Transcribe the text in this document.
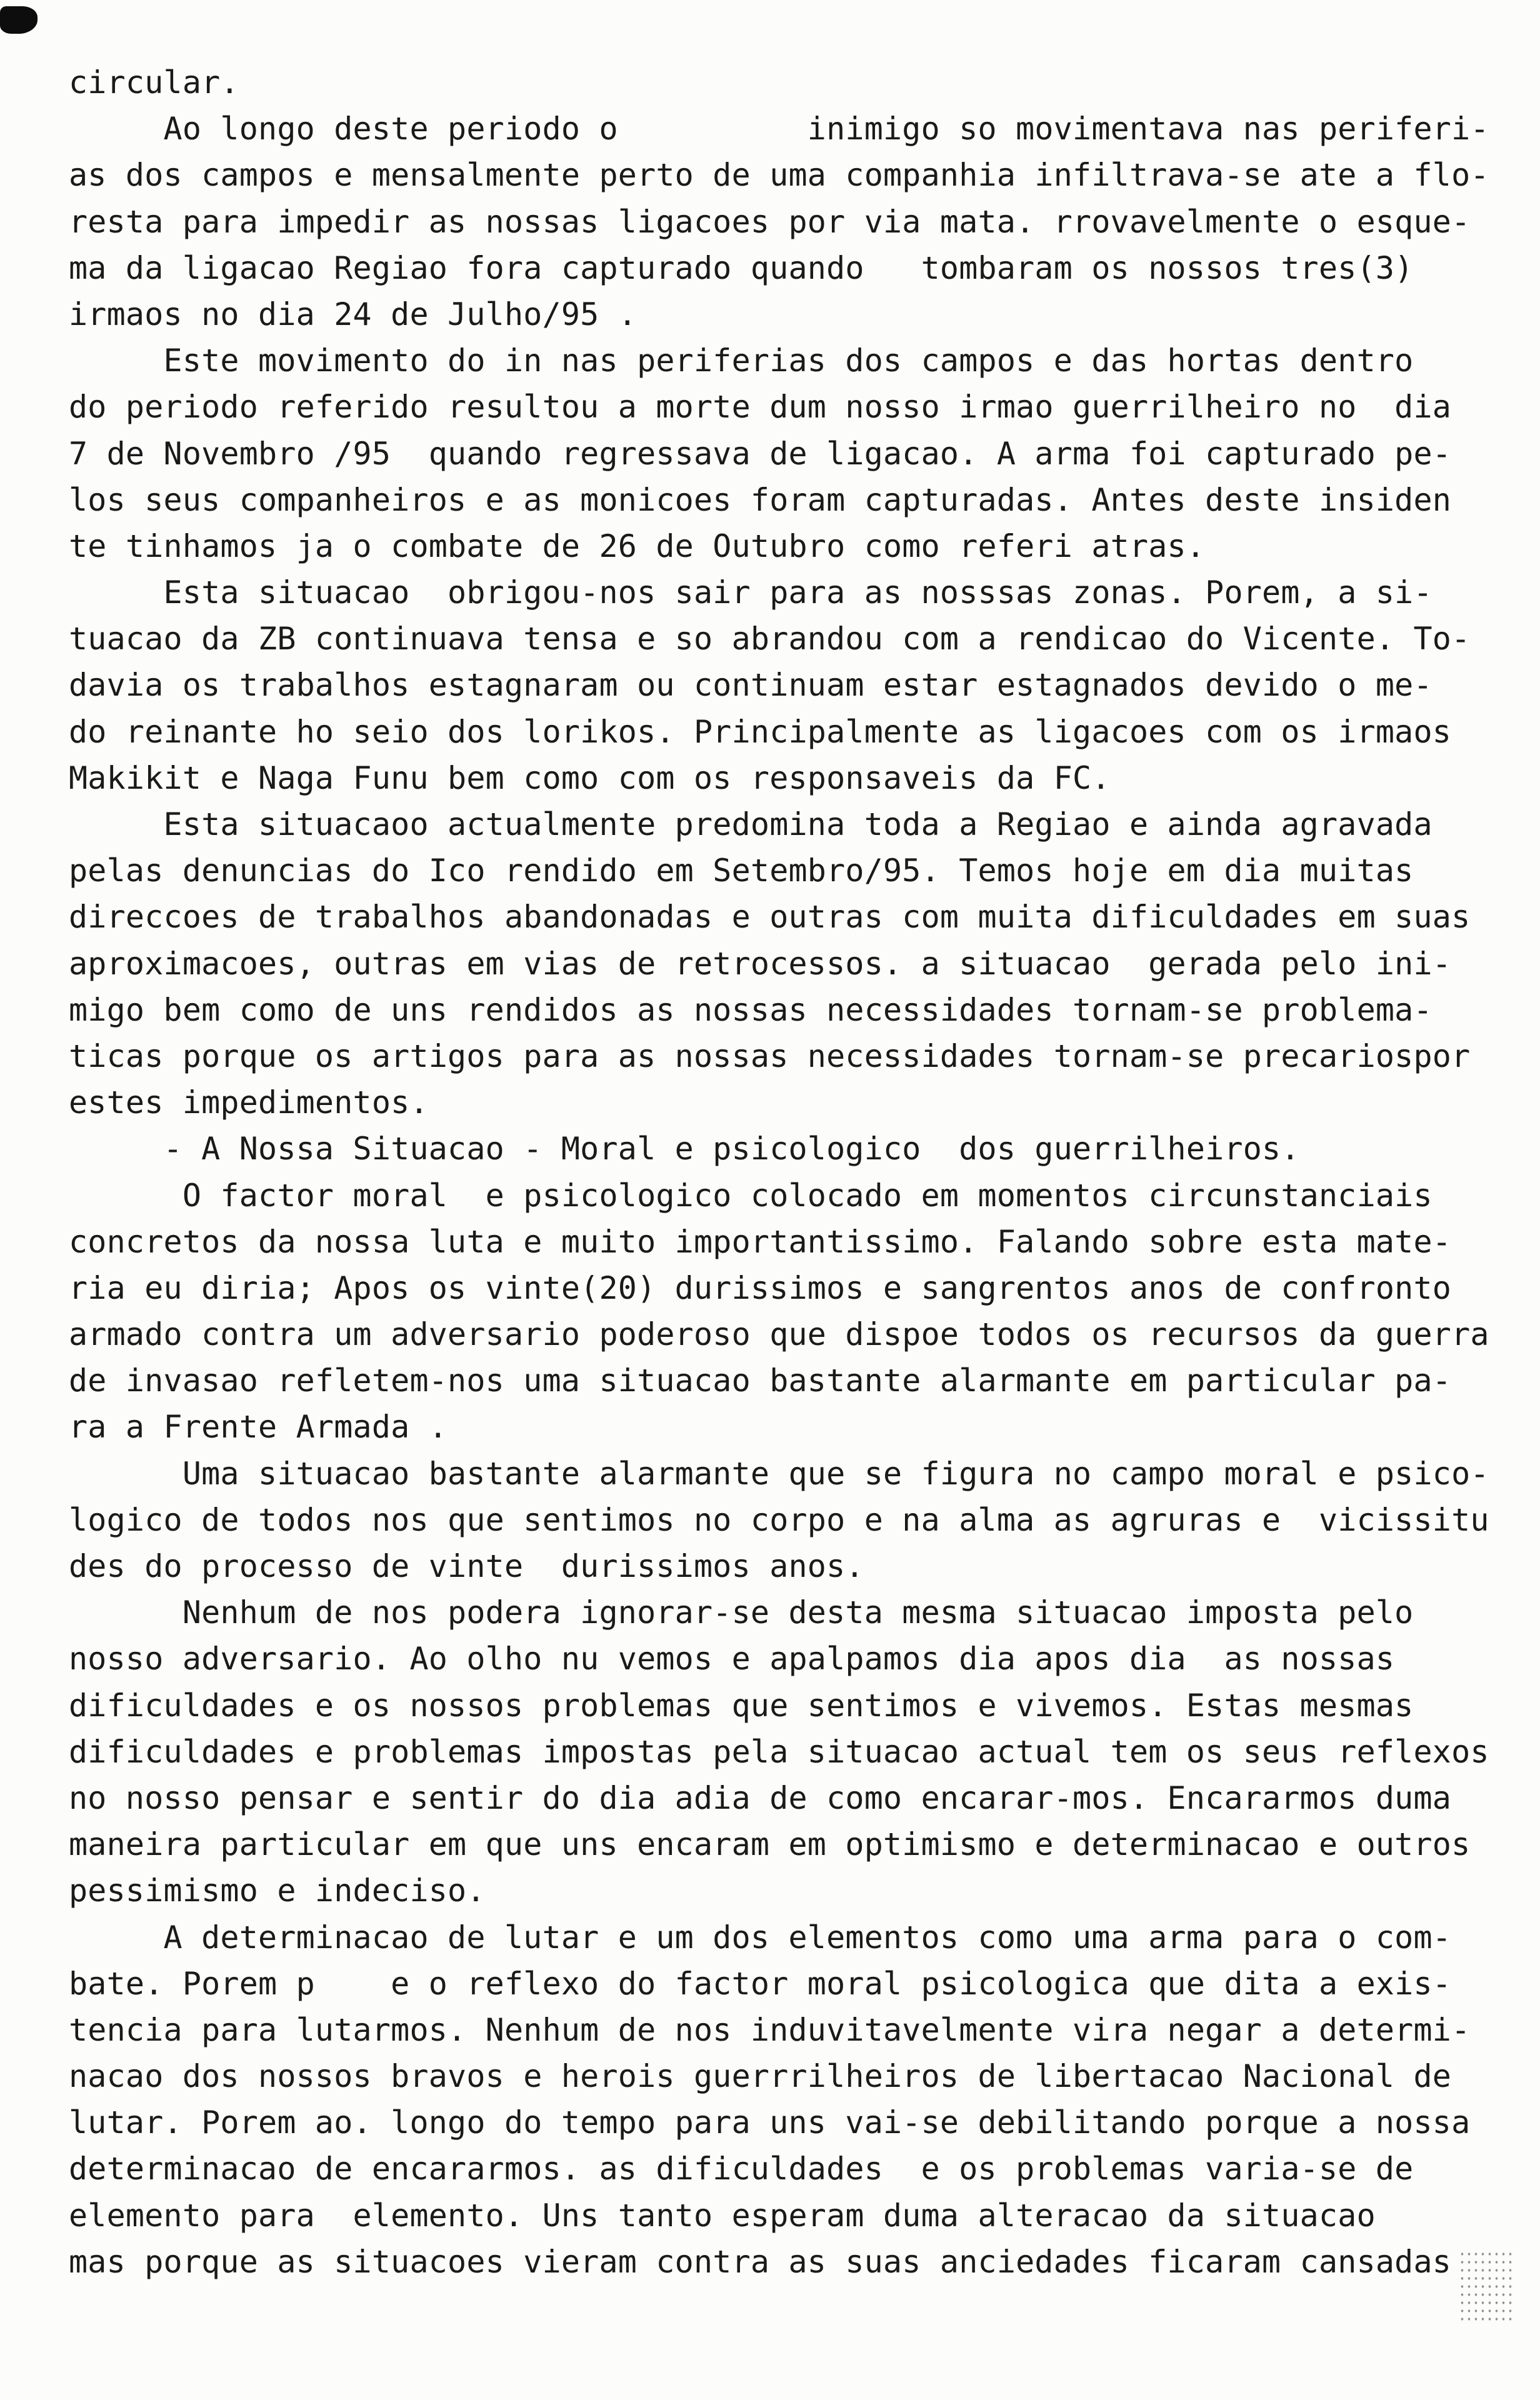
circular.
Ao longo deste periodo o          inimigo so movimentava nas periferi-
as dos campos e mensalmente perto de uma companhia infiltrava-se ate a flo-
resta para impedir as nossas ligacoes por via mata. rrovavelmente o esque-
ma da ligacao Regiao fora capturado quando   tombaram os nossos tres(3)
irmaos no dia 24 de Julho/95 .
Este movimento do in nas periferias dos campos e das hortas dentro
do periodo referido resultou a morte dum nosso irmao guerrilheiro no  dia
7 de Novembro /95  quando regressava de ligacao. A arma foi capturado pe-
los seus companheiros e as monicoes foram capturadas. Antes deste insiden
te tinhamos ja o combate de 26 de Outubro como referi atras.
Esta situacao  obrigou-nos sair para as nosssas zonas. Porem, a si-
tuacao da ZB continuava tensa e so abrandou com a rendicao do Vicente. To-
davia os trabalhos estagnaram ou continuam estar estagnados devido o me-
do reinante ho seio dos lorikos. Principalmente as ligacoes com os irmaos
Makikit e Naga Funu bem como com os responsaveis da FC.
Esta situacaoo actualmente predomina toda a Regiao e ainda agravada
pelas denuncias do Ico rendido em Setembro/95. Temos hoje em dia muitas
direccoes de trabalhos abandonadas e outras com muita dificuldades em suas
aproximacoes, outras em vias de retrocessos. a situacao  gerada pelo ini-
migo bem como de uns rendidos as nossas necessidades tornam-se problema-
ticas porque os artigos para as nossas necessidades tornam-se precariospor
estes impedimentos.
- A Nossa Situacao - Moral e psicologico  dos guerrilheiros.
O factor moral  e psicologico colocado em momentos circunstanciais
concretos da nossa luta e muito importantissimo. Falando sobre esta mate-
ria eu diria; Apos os vinte(20) durissimos e sangrentos anos de confronto
armado contra um adversario poderoso que dispoe todos os recursos da guerra
de invasao refletem-nos uma situacao bastante alarmante em particular pa-
ra a Frente Armada .
Uma situacao bastante alarmante que se figura no campo moral e psico-
logico de todos nos que sentimos no corpo e na alma as agruras e  vicissitu
des do processo de vinte  durissimos anos.
Nenhum de nos podera ignorar-se desta mesma situacao imposta pelo
nosso adversario. Ao olho nu vemos e apalpamos dia apos dia  as nossas
dificuldades e os nossos problemas que sentimos e vivemos. Estas mesmas
dificuldades e problemas impostas pela situacao actual tem os seus reflexos
no nosso pensar e sentir do dia adia de como encarar-mos. Encararmos duma
maneira particular em que uns encaram em optimismo e determinacao e outros
pessimismo e indeciso.
A determinacao de lutar e um dos elementos como uma arma para o com-
bate. Porem p    e o reflexo do factor moral psicologica que dita a exis-
tencia para lutarmos. Nenhum de nos induvitavelmente vira negar a determi-
nacao dos nossos bravos e herois guerrrilheiros de libertacao Nacional de
lutar. Porem ao. longo do tempo para uns vai-se debilitando porque a nossa
determinacao de encararmos. as dificuldades  e os problemas varia-se de
elemento para  elemento. Uns tanto esperam duma alteracao da situacao
mas porque as situacoes vieram contra as suas anciedades ficaram cansadas
